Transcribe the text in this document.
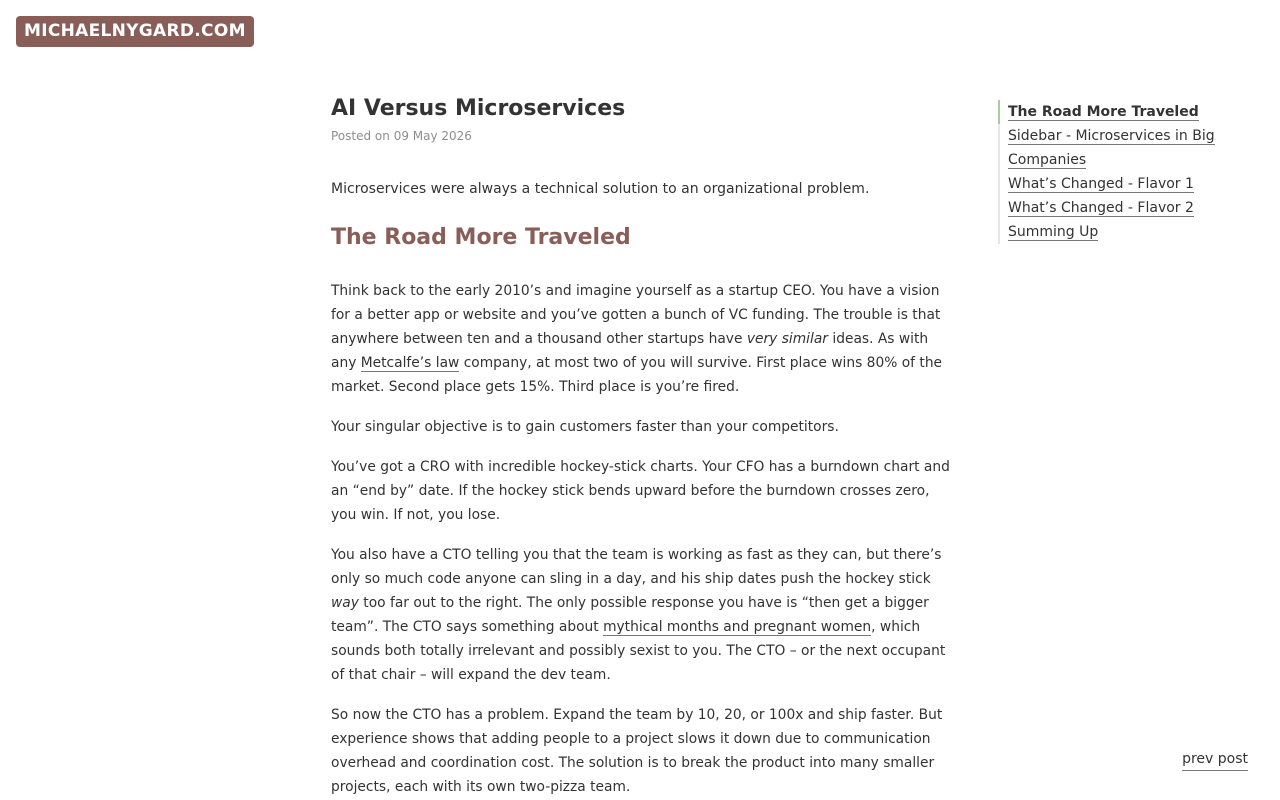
MICHAELNYGARD.COM
AI Versus Microservices

Posted on 09 May 2026

Microservices were always a technical solution to an organizational problem.

The Road More Traveled

Think back to the early 2010’s and imagine yourself as a startup CEO. You have a vision for a better app or website and you’ve gotten a bunch of VC funding. The trouble is that anywhere between ten and a thousand other startups have very similar ideas. As with any Metcalfe’s law company, at most two of you will survive. First place wins 80% of the market. Second place gets 15%. Third place is you’re fired.

Your singular objective is to gain customers faster than your competitors.

You’ve got a CRO with incredible hockey-stick charts. Your CFO has a burndown chart and an “end by” date. If the hockey stick bends upward before the burndown crosses zero, you win. If not, you lose.

You also have a CTO telling you that the team is working as fast as they can, but there’s only so much code anyone can sling in a day, and his ship dates push the hockey stick way too far out to the right. The only possible response you have is “then get a bigger team”. The CTO says something about mythical months and pregnant women, which sounds both totally irrelevant and possibly sexist to you. The CTO – or the next occupant of that chair – will expand the dev team.

So now the CTO has a problem. Expand the team by 10, 20, or 100x and ship faster. But experience shows that adding people to a project slows it down due to communication overhead and coordination cost. The solution is to break the product into many smaller projects, each with its own two-pizza team.

The Road More Traveled
Sidebar - Microservices in Big Companies
What’s Changed - Flavor 1
What’s Changed - Flavor 2
Summing Up
prev post
